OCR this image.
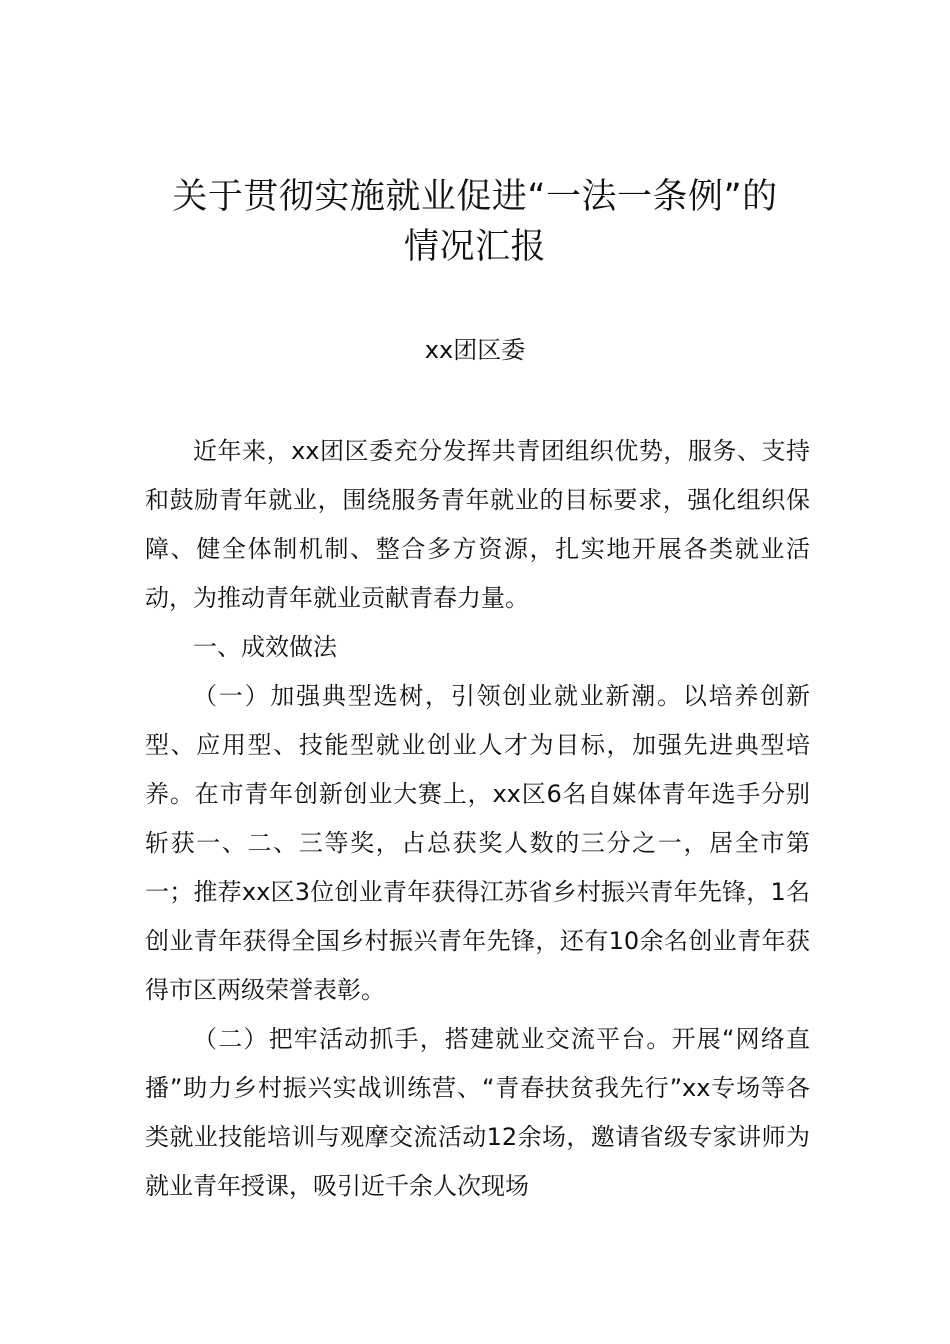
关于贯彻实施就业促进“一法一条例”的
情况汇报
xx团区委

近年来，xx团区委充分发挥共青团组织优势，服务、支持和鼓励青年就业，围绕服务青年就业的目标要求，强化组织保障、健全体制机制、整合多方资源，扎实地开展各类就业活动，为推动青年就业贡献青春力量。

一、成效做法

（一）加强典型选树，引领创业就业新潮。以培养创新型、应用型、技能型就业创业人才为目标，加强先进典型培养。在市青年创新创业大赛上，xx区6名自媒体青年选手分别斩获一、二、三等奖，占总获奖人数的三分之一，居全市第一；推荐xx区3位创业青年获得江苏省乡村振兴青年先锋，1名创业青年获得全国乡村振兴青年先锋，还有10余名创业青年获得市区两级荣誉表彰。

（二）把牢活动抓手，搭建就业交流平台。开展“网络直播”助力乡村振兴实战训练营、“青春扶贫我先行”xx专场等各类就业技能培训与观摩交流活动12余场，邀请省级专家讲师为就业青年授课，吸引近千余人次现场
